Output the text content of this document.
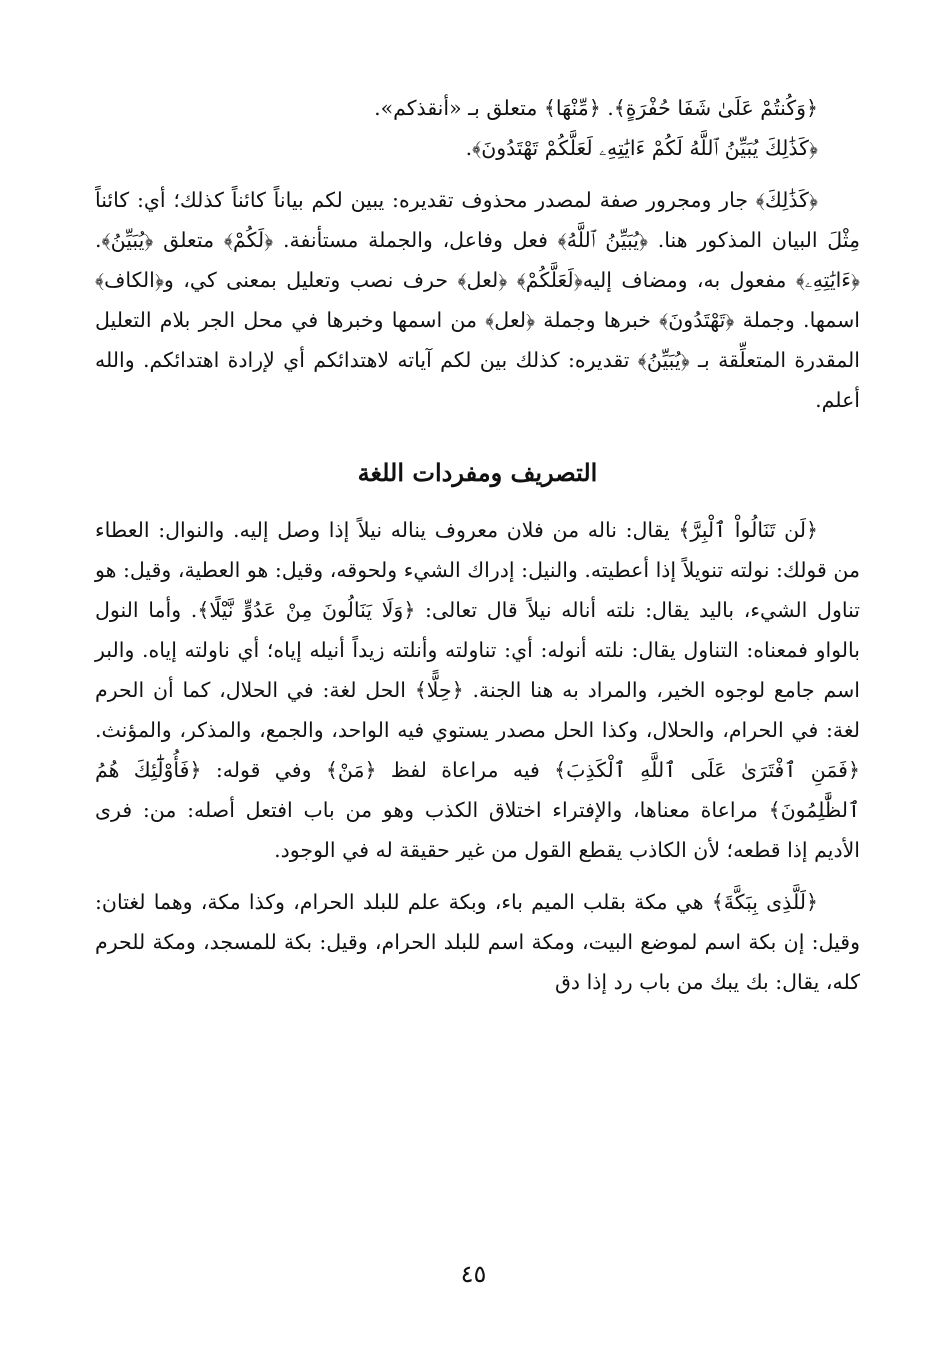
﴿وَكُنتُمْ عَلَىٰ شَفَا حُفْرَةٍ﴾. ﴿مِّنْهَا﴾ متعلق بـ «أنقذكم».

﴿كَذَٰلِكَ يُبَيِّنُ ٱللَّهُ لَكُمْ ءَايَٰتِهِۦ لَعَلَّكُمْ تَهْتَدُونَ﴾.

﴿كَذَٰلِكَ﴾ جار ومجرور صفة لمصدر محذوف تقديره: يبين لكم بياناً كائناً كذلك؛ أي: كائناً مِثْلَ البيان المذكور هنا. ﴿يُبَيِّنُ ٱللَّهُ﴾ فعل وفاعل، والجملة مستأنفة. ﴿لَكُمْ﴾ متعلق ﴿يُبَيِّنُ﴾. ﴿ءَايَٰتِهِۦ﴾ مفعول به، ومضاف إليه﴿لَعَلَّكُمْ﴾ ﴿لعل﴾ حرف نصب وتعليل بمعنى كي، و﴿الكاف﴾ اسمها. وجملة ﴿تَهْتَدُونَ﴾ خبرها وجملة ﴿لعل﴾ من اسمها وخبرها في محل الجر بلام التعليل المقدرة المتعلِّقة بـ ﴿يُبَيِّنُ﴾ تقديره: كذلك بين لكم آياته لاهتدائكم أي لإرادة اهتدائكم. والله أعلم.

التصريف ومفردات اللغة

﴿لَن تَنَالُواْ ٱلْبِرَّ﴾ يقال: ناله من فلان معروف يناله نيلاً إذا وصل إليه. والنوال: العطاء من قولك: نولته تنويلاً إذا أعطيته. والنيل: إدراك الشيء ولحوقه، وقيل: هو العطية، وقيل: هو تناول الشيء، باليد يقال: نلته أناله نيلاً قال تعالى: ﴿وَلَا يَنَالُونَ مِنْ عَدُوٍّ نَّيْلًا﴾. وأما النول بالواو فمعناه: التناول يقال: نلته أنوله: أي: تناولته وأنلته زيداً أنيله إياه؛ أي ناولته إياه. والبر اسم جامع لوجوه الخير، والمراد به هنا الجنة. ﴿حِلًّا﴾ الحل لغة: في الحلال، كما أن الحرم لغة: في الحرام، والحلال، وكذا الحل مصدر يستوي فيه الواحد، والجمع، والمذكر، والمؤنث. ﴿فَمَنِ ٱفْتَرَىٰ عَلَى ٱللَّهِ ٱلْكَذِبَ﴾ فيه مراعاة لفظ ﴿مَنْ﴾ وفي قوله: ﴿فَأُوْلَٰٓئِكَ هُمُ ٱلظَّٰلِمُونَ﴾ مراعاة معناها، والإفتراء اختلاق الكذب وهو من باب افتعل أصله: من: فرى الأديم إذا قطعه؛ لأن الكاذب يقطع القول من غير حقيقة له في الوجود.

﴿لَلَّذِى بِبَكَّةَ﴾ هي مكة بقلب الميم باء، وبكة علم للبلد الحرام، وكذا مكة، وهما لغتان: وقيل: إن بكة اسم لموضع البيت، ومكة اسم للبلد الحرام، وقيل: بكة للمسجد، ومكة للحرم كله، يقال: بك يبك من باب رد إذا دق

٤٥
